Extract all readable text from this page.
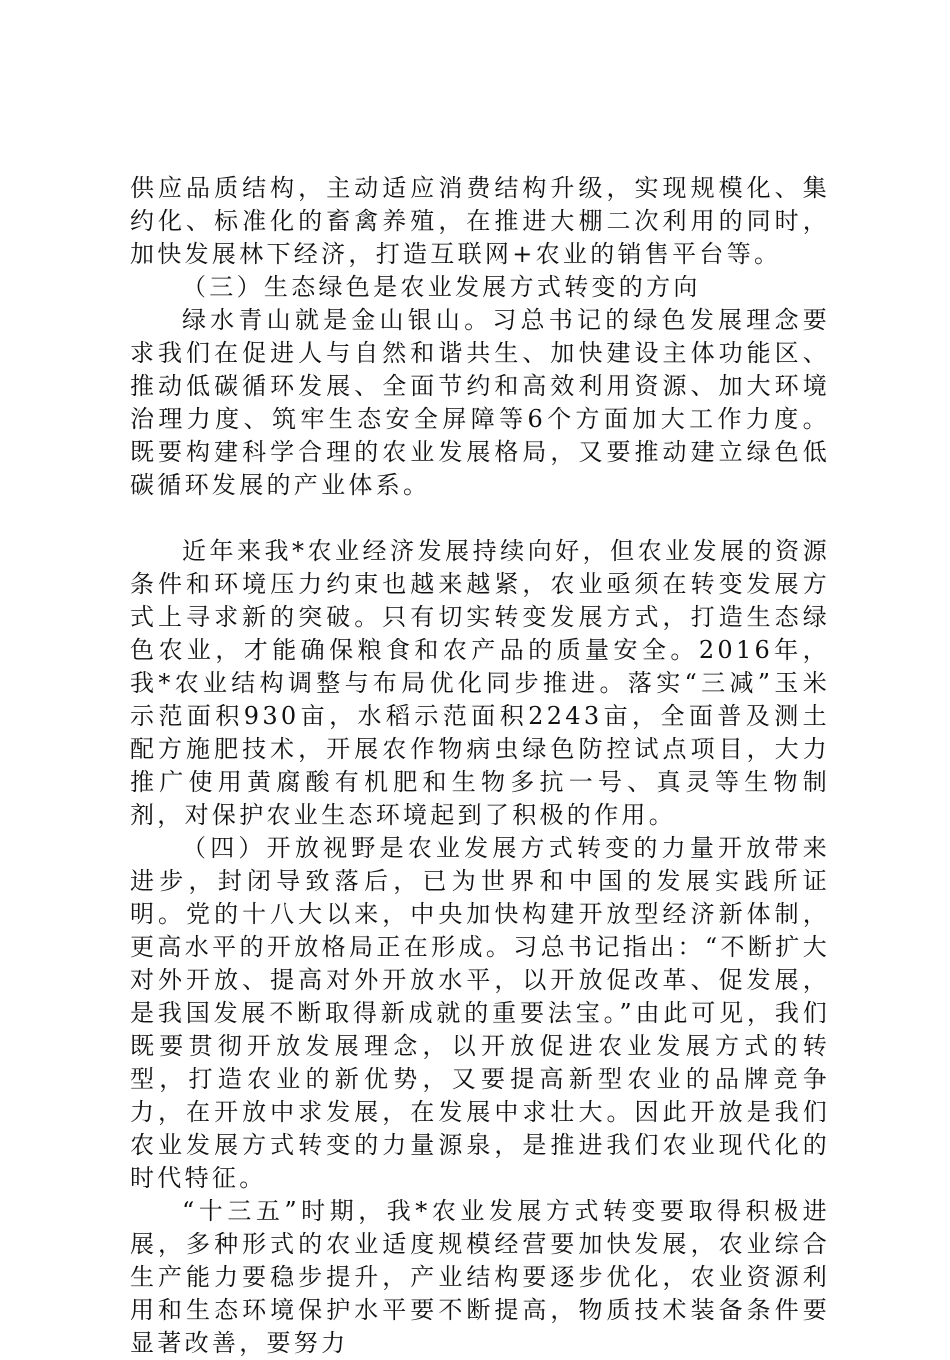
供应品质结构，主动适应消费结构升级，实现规模化、集约化、标准化的畜禽养殖，在推进大棚二次利用的同时，加快发展林下经济，打造互联网+农业的销售平台等。

（三）生态绿色是农业发展方式转变的方向

绿水青山就是金山银山。习总书记的绿色发展理念要求我们在促进人与自然和谐共生、加快建设主体功能区、推动低碳循环发展、全面节约和高效利用资源、加大环境治理力度、筑牢生态安全屏障等6个方面加大工作力度。既要构建科学合理的农业发展格局，又要推动建立绿色低碳循环发展的产业体系。

近年来我*农业经济发展持续向好，但农业发展的资源条件和环境压力约束也越来越紧，农业亟须在转变发展方式上寻求新的突破。只有切实转变发展方式，打造生态绿色农业，才能确保粮食和农产品的质量安全。2016年，我*农业结构调整与布局优化同步推进。落实“三减”玉米示范面积930亩，水稻示范面积2243亩，全面普及测土配方施肥技术，开展农作物病虫绿色防控试点项目，大力推广使用黄腐酸有机肥和生物多抗一号、真灵等生物制剂，对保护农业生态环境起到了积极的作用。

（四）开放视野是农业发展方式转变的力量开放带来进步，封闭导致落后，已为世界和中国的发展实践所证明。党的十八大以来，中央加快构建开放型经济新体制，更高水平的开放格局正在形成。习总书记指出：“不断扩大对外开放、提高对外开放水平，以开放促改革、促发展，是我国发展不断取得新成就的重要法宝。”由此可见，我们既要贯彻开放发展理念，以开放促进农业发展方式的转型，打造农业的新优势，又要提高新型农业的品牌竞争力，在开放中求发展，在发展中求壮大。因此开放是我们农业发展方式转变的力量源泉，是推进我们农业现代化的时代特征。

“十三五”时期，我*农业发展方式转变要取得积极进展，多种形式的农业适度规模经营要加快发展，农业综合生产能力要稳步提升，产业结构要逐步优化，农业资源利用和生态环境保护水平要不断提高，物质技术装备条件要显著改善，要努力
